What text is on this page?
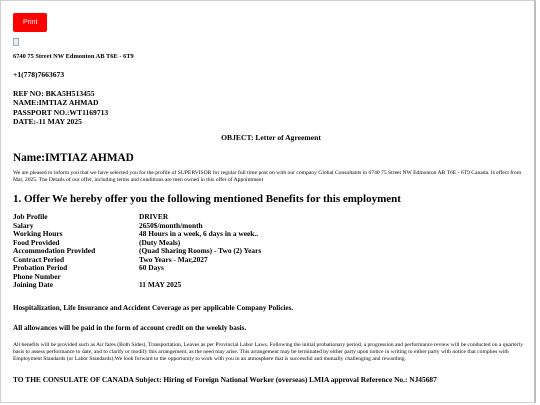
Print
6740 75 Street NW Edmonton AB T6E - 6T9
+1(778)7663673
REF NO: BKA5H513455
NAME:IMTIAZ AHMAD
PASSPORT NO.:WT1169713
DATE:-11 MAY 2025
OBJECT: Letter of Agreement
Name:IMTIAZ AHMAD
We are pleased to inform you that we have selected you for the profile of SUPERVISOR for regular full time post on with our company Global Consultants in 6740 75 Street NW Edmonton AB T6E - 6T9 Canada. Is effect from Mar, 2025. The Details of our offer, including terms and conditions are men owned in this offer of Appointment
1. Offer We hereby offer you the following mentioned Benefits for this employment
Job Profile	DRIVER
Salary	2650$/month/month
Working Hours	48 Hours in a week, 6 days in a week..
Food Provided	(Duty Meals)
Accommodation Provided	(Quad Sharing Rooms) - Two (2) Years
Contract Period	Two Years - Mar,2027
Probation Period	60 Days
Phone Number
Joining Date	11 MAY 2025
Hospitalization, Life Insurance and Accident Coverage as per applicable Company Policies.
All allowances will be paid in the form of account credit on the weekly basis.
All benefits will be provided such as Air fares (Both Sides), Transportation, Leaves as per Provincial Labor Laws. Following the initial probationary period, a progression and performance review will be conducted on a quarterly basis to assess performance to date, and to clarify or modify this arrangement, as the need may arise. This arrangement may be terminated by either party upon notice in writing to either party with notice that complies with Employment Standards (or Labor Standards).We look forward to the opportunity to work with you in an atmosphere that is successful and mutually challenging and rewarding.
TO THE CONSULATE OF CANADA Subject: Hiring of Foreign National Worker (overseas) LMIA approval Reference No.: NJ45687
